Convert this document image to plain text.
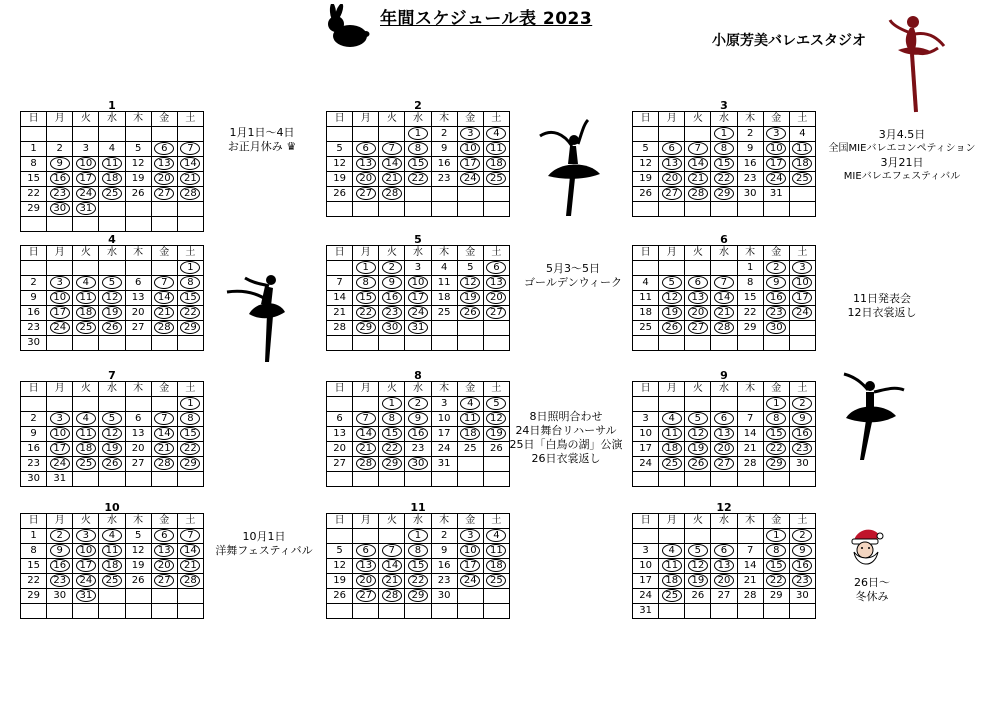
年間スケジュール表 2023
小原芳美バレエスタジオ
1
日	月	火	水	木	金	土

1	2	3	4	5	6	7
8	9	10	11	12	13	14
15	16	17	18	19	20	21
22	23	24	25	26	27	28
29	30	31				

2
日	月	火	水	木	金	土
			1	2	3	4
5	6	7	8	9	10	11
12	13	14	15	16	17	18
19	20	21	22	23	24	25
26	27	28				

3
日	月	火	水	木	金	土
			1	2	3	4
5	6	7	8	9	10	11
12	13	14	15	16	17	18
19	20	21	22	23	24	25
26	27	28	29	30	31	

4
日	月	火	水	木	金	土
						1
2	3	4	5	6	7	8
9	10	11	12	13	14	15
16	17	18	19	20	21	22
23	24	25	26	27	28	29
30						
5
日	月	火	水	木	金	土
	1	2	3	4	5	6
7	8	9	10	11	12	13
14	15	16	17	18	19	20
21	22	23	24	25	26	27
28	29	30	31			

6
日	月	火	水	木	金	土
				1	2	3
4	5	6	7	8	9	10
11	12	13	14	15	16	17
18	19	20	21	22	23	24
25	26	27	28	29	30	

7
日	月	火	水	木	金	土
						1
2	3	4	5	6	7	8
9	10	11	12	13	14	15
16	17	18	19	20	21	22
23	24	25	26	27	28	29
30	31					
8
日	月	火	水	木	金	土
		1	2	3	4	5
6	7	8	9	10	11	12
13	14	15	16	17	18	19
20	21	22	23	24	25	26
27	28	29	30	31		

9
日	月	火	水	木	金	土
					1	2
3	4	5	6	7	8	9
10	11	12	13	14	15	16
17	18	19	20	21	22	23
24	25	26	27	28	29	30

10
日	月	火	水	木	金	土
1	2	3	4	5	6	7
8	9	10	11	12	13	14
15	16	17	18	19	20	21
22	23	24	25	26	27	28
29	30	31				

11
日	月	火	水	木	金	土
			1	2	3	4
5	6	7	8	9	10	11
12	13	14	15	16	17	18
19	20	21	22	23	24	25
26	27	28	29	30		

12
日	月	火	水	木	金	土
					1	2
3	4	5	6	7	8	9
10	11	12	13	14	15	16
17	18	19	20	21	22	23
24	25	26	27	28	29	30
31						
1月1日～4日
お正月休み ♛
3月4.5日
全国MIEバレエコンペティション
3月21日
MIEバレエフェスティバル
5月3～5日
ゴールデンウィーク
11日発表会
12日衣裳返し
8日照明合わせ
24日舞台リハーサル
25日「白鳥の湖」公演
26日衣裳返し
10月1日
洋舞フェスティバル
26日～
冬休み
